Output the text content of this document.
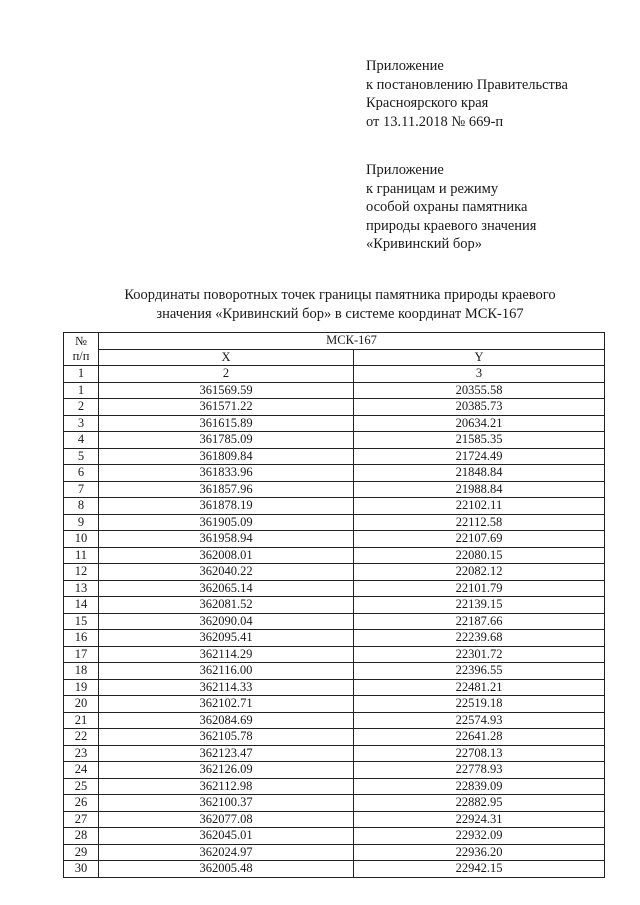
Приложение
к постановлению Правительства
Красноярского края
от 13.11.2018 № 669-п
Приложение
к границам и режиму
особой охраны памятника
природы краевого значения
«Кривинский бор»
Координаты поворотных точек границы памятника природы краевого
значения «Кривинский бор» в системе координат МСК-167
№
п/п	МСК-167	
	X	Y
1	2	3
1	361569.59	20355.58
2	361571.22	20385.73
3	361615.89	20634.21
4	361785.09	21585.35
5	361809.84	21724.49
6	361833.96	21848.84
7	361857.96	21988.84
8	361878.19	22102.11
9	361905.09	22112.58
10	361958.94	22107.69
11	362008.01	22080.15
12	362040.22	22082.12
13	362065.14	22101.79
14	362081.52	22139.15
15	362090.04	22187.66
16	362095.41	22239.68
17	362114.29	22301.72
18	362116.00	22396.55
19	362114.33	22481.21
20	362102.71	22519.18
21	362084.69	22574.93
22	362105.78	22641.28
23	362123.47	22708.13
24	362126.09	22778.93
25	362112.98	22839.09
26	362100.37	22882.95
27	362077.08	22924.31
28	362045.01	22932.09
29	362024.97	22936.20
30	362005.48	22942.15
